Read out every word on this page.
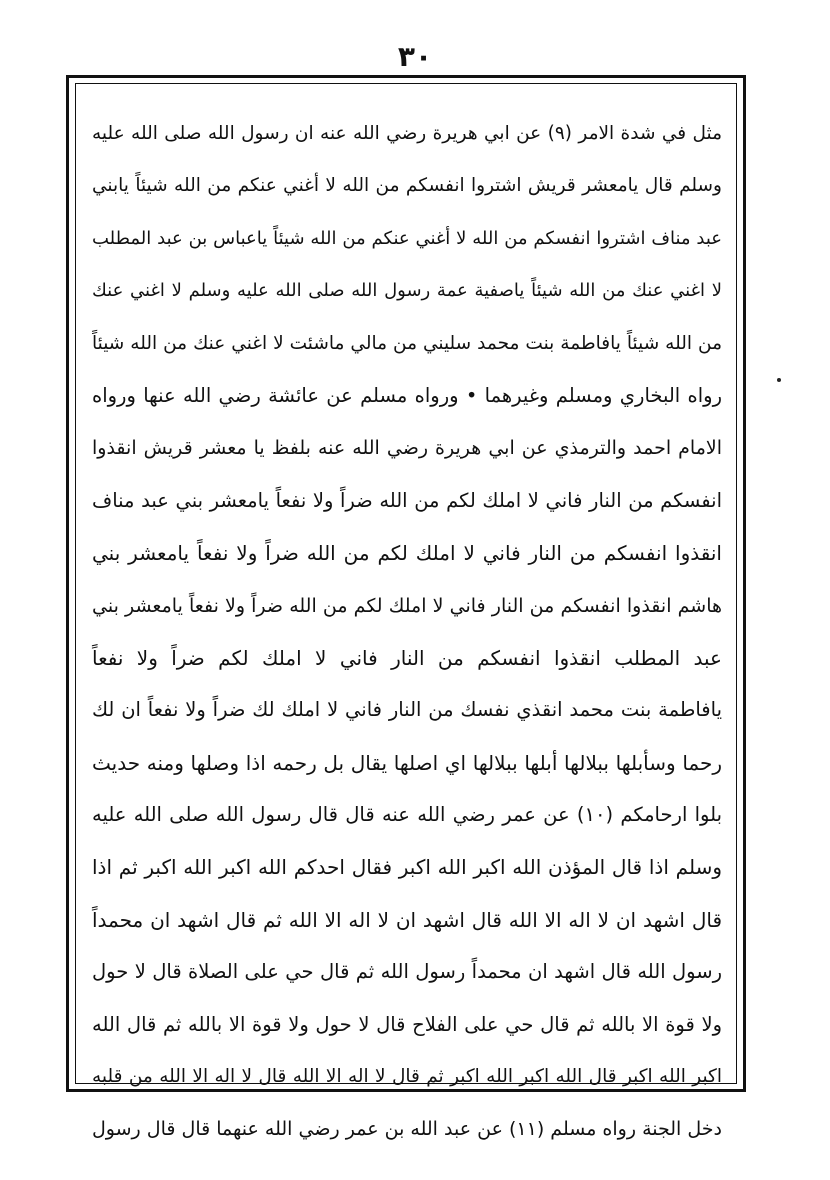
٣٠
مثل في شدة الامر (٩) عن ابي هريرة رضي الله عنه ان رسول الله صلى الله عليه
وسلم قال يامعشر قريش اشتروا انفسكم من الله لا أغني عنكم من الله شيئاً يابني
عبد مناف اشتروا انفسكم من الله لا أغني عنكم من الله شيئاً ياعباس بن عبد المطلب
لا اغني عنك من الله شيئاً ياصفية عمة رسول الله صلى الله عليه وسلم لا اغني عنك
من الله شيئاً يافاطمة بنت محمد سليني من مالي ماشئت لا اغني عنك من الله شيئاً
رواه البخاري ومسلم وغيرهما • ورواه مسلم عن عائشة رضي الله عنها ورواه
الامام احمد والترمذي عن ابي هريرة رضي الله عنه بلفظ يا معشر قريش انقذوا
انفسكم من النار فاني لا املك لكم من الله ضراً ولا نفعاً يامعشر بني عبد مناف
انقذوا انفسكم من النار فاني لا املك لكم من الله ضراً ولا نفعاً يامعشر بني
هاشم انقذوا انفسكم من النار فاني لا املك لكم من الله ضراً ولا نفعاً يامعشر بني
عبد المطلب انقذوا انفسكم من النار فاني لا املك لكم ضراً ولا نفعاً
يافاطمة بنت محمد انقذي نفسك من النار فاني لا املك لك ضراً ولا نفعاً ان لك
رحما وسأبلها ببلالها أبلها ببلالها اي اصلها يقال بل رحمه اذا وصلها ومنه حديث
بلوا ارحامكم (١٠) عن عمر رضي الله عنه قال قال رسول الله صلى الله عليه
وسلم اذا قال المؤذن الله اكبر الله اكبر فقال احدكم الله اكبر الله اكبر ثم اذا
قال اشهد ان لا اله الا الله قال اشهد ان لا اله الا الله ثم قال اشهد ان محمداً
رسول الله قال اشهد ان محمداً رسول الله ثم قال حي على الصلاة قال لا حول
ولا قوة الا بالله ثم قال حي على الفلاح قال لا حول ولا قوة الا بالله ثم قال الله
اكبر الله اكبر قال الله اكبر الله اكبر ثم قال لا اله الا الله قال لا اله الا الله من قلبه
دخل الجنة رواه مسلم (١١) عن عبد الله بن عمر رضي الله عنهما قال قال رسول
